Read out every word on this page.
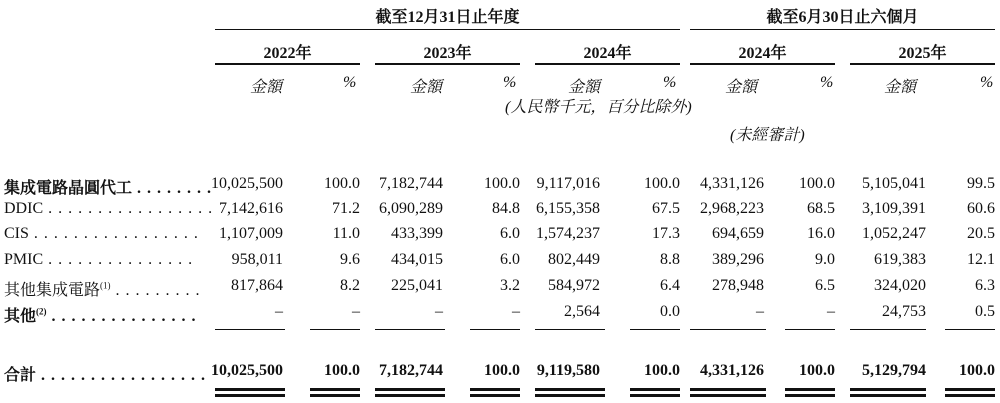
截至12月31日止年度	截至6月30日止六個月
2022年	2023年	2024年	2024年	2025年
金額	%	金額	%	金額	%	金額	%	金額	%
(人民幣千元，百分比除外)
(未經審計)
集成電路晶圓代工 . . . . . . . .
10,025,500	100.0 7,182,744	100.0 9,117,016	100.0 4,331,126 100.0 5,105,041	99.5
DDIC . . . . . . . . . . . . . . . . . 7,142,616	71.2 6,090,289	84.8 6,155,358	67.5 2,968,223	68.5 3,109,391	60.6
CIS . . . . . . . . . . . . . . . . . 1,107,009	11.0 433,399	6.0 1,574,237	17.3 694,659	16.0 1,052,247	20.5
PMIC . . . . . . . . . . . . . . . 958,011	9.6 434,015	6.0 802,449	8.8 389,296	9.0 619,383	12.1
其他集成電路$^{(1)}$ . . . . . . . . . 817,864	8.2 225,041	3.2 584,972	6.4 278,948	6.5 324,020	6.3
其他$^{(2)}$ . . . . . . . . . . . . . . .	–	–	–	–	2,564	0.0	–	–	24,753	0.5
合計 . . . . . . . . . . . . . . . . . 10,025,500	100.0 7,182,744	100.0 9,119,580	100.0 4,331,126 100.0 5,129,794 100.0
